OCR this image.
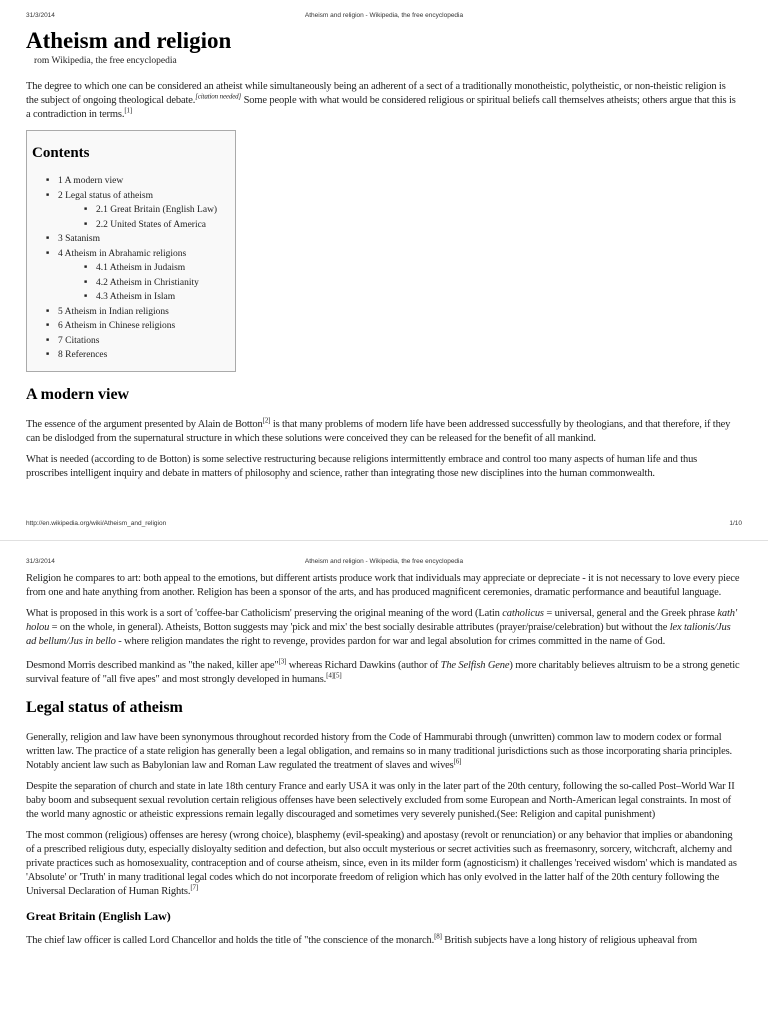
31/3/2014	Atheism and religion - Wikipedia, the free encyclopedia
Atheism and religion
rom Wikipedia, the free encyclopedia

The degree to which one can be considered an atheist while simultaneously being an adherent of a sect of a traditionally monotheistic, polytheistic, or non-theistic religion is the subject of ongoing theological debate.[citation needed] Some people with what would be considered religious or spiritual beliefs call themselves atheists; others argue that this is a contradiction in terms.[1]

Contents
■ 1 A modern view
■ 2 Legal status of atheism
■ 2.1 Great Britain (English Law)
■ 2.2 United States of America
■ 3 Satanism
■ 4 Atheism in Abrahamic religions
■ 4.1 Atheism in Judaism
■ 4.2 Atheism in Christianity
■ 4.3 Atheism in Islam
■ 5 Atheism in Indian religions
■ 6 Atheism in Chinese religions
■ 7 Citations
■ 8 References
A modern view

The essence of the argument presented by Alain de Botton[2] is that many problems of modern life have been addressed successfully by theologians, and that therefore, if they can be dislodged from the supernatural structure in which these solutions were conceived they can be released for the benefit of all mankind.

What is needed (according to de Botton) is some selective restructuring because religions intermittently embrace and control too many aspects of human life and thus proscribes intelligent inquiry and debate in matters of philosophy and science, rather than integrating those new disciplines into the human commonwealth.

http://en.wikipedia.org/wiki/Atheism_and_religion	1/10
31/3/2014	Atheism and religion - Wikipedia, the free encyclopedia

Religion he compares to art: both appeal to the emotions, but different artists produce work that individuals may appreciate or depreciate - it is not necessary to love every piece from one and hate anything from another. Religion has been a sponsor of the arts, and has produced magnificent ceremonies, dramatic performance and beautiful language.

What is proposed in this work is a sort of 'coffee-bar Catholicism' preserving the original meaning of the word (Latin catholicus = universal, general and the Greek phrase kath' holou = on the whole, in general). Atheists, Botton suggests may 'pick and mix' the best socially desirable attributes (prayer/praise/celebration) but without the lex talionis/Jus ad bellum/Jus in bello - where religion mandates the right to revenge, provides pardon for war and legal absolution for crimes committed in the name of God.

Desmond Morris described mankind as "the naked, killer ape"[3] whereas Richard Dawkins (author of The Selfish Gene) more charitably believes altruism to be a strong genetic survival feature of "all five apes" and most strongly developed in humans.[4][5]

Legal status of atheism

Generally, religion and law have been synonymous throughout recorded history from the Code of Hammurabi through (unwritten) common law to modern codex or formal written law. The practice of a state religion has generally been a legal obligation, and remains so in many traditional jurisdictions such as those incorporating sharia principles. Notably ancient law such as Babylonian law and Roman Law regulated the treatment of slaves and wives[6]

Despite the separation of church and state in late 18th century France and early USA it was only in the later part of the 20th century, following the so-called Post–World War II baby boom and subsequent sexual revolution certain religious offenses have been selectively excluded from some European and North-American legal constraints. In most of the world many agnostic or atheistic expressions remain legally discouraged and sometimes very severely punished.(See: Religion and capital punishment)

The most common (religious) offenses are heresy (wrong choice), blasphemy (evil-speaking) and apostasy (revolt or renunciation) or any behavior that implies or abandoning of a prescribed religious duty, especially disloyalty sedition and defection, but also occult mysterious or secret activities such as freemasonry, sorcery, witchcraft, alchemy and private practices such as homosexuality, contraception and of course atheism, since, even in its milder form (agnosticism) it challenges 'received wisdom' which is mandated as 'Absolute' or 'Truth' in many traditional legal codes which do not incorporate freedom of religion which has only evolved in the latter half of the 20th century following the Universal Declaration of Human Rights.[7]

Great Britain (English Law)

The chief law officer is called Lord Chancellor and holds the title of "the conscience of the monarch.[8] British subjects have a long history of religious upheaval from
